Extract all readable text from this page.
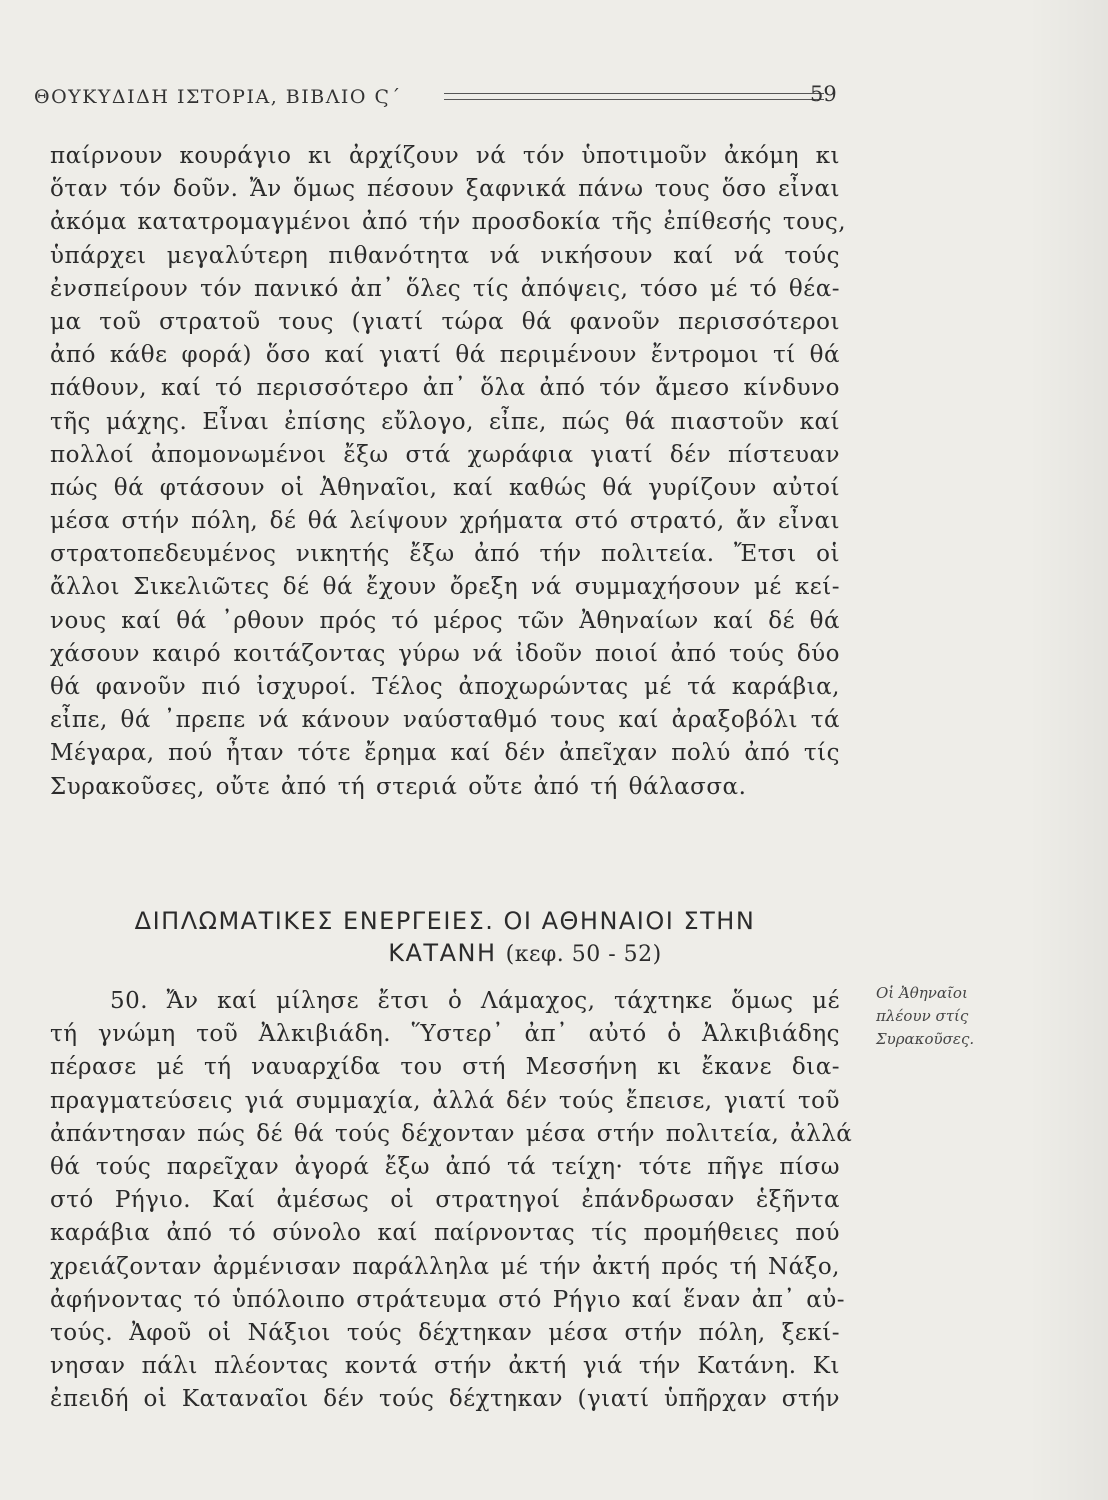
ΘΟΥΚΥΔΙΔΗ ΙΣΤΟΡΙΑ, ΒΙΒΛΙΟ Ϛ΄	59
παίρνουν κουράγιο κι ἀρχίζουν νά τόν ὑποτιμοῦν ἀκόμη κι
ὅταν τόν δοῦν. Ἄν ὅμως πέσουν ξαφνικά πάνω τους ὅσο εἶναι
ἀκόμα κατατρομαγμένοι ἀπό τήν προσδοκία τῆς ἐπίθεσής τους,
ὑπάρχει μεγαλύτερη πιθανότητα νά νικήσουν καί νά τούς
ἐνσπείρουν τόν πανικό ἀπ᾿ ὅλες τίς ἀπόψεις, τόσο μέ τό θέα-
μα τοῦ στρατοῦ τους (γιατί τώρα θά φανοῦν περισσότεροι
ἀπό κάθε φορά) ὅσο καί γιατί θά περιμένουν ἔντρομοι τί θά
πάθουν, καί τό περισσότερο ἀπ᾿ ὅλα ἀπό τόν ἄμεσο κίνδυνο
τῆς μάχης. Εἶναι ἐπίσης εὔλογο, εἶπε, πώς θά πιαστοῦν καί
πολλοί ἀπομονωμένοι ἔξω στά χωράφια γιατί δέν πίστευαν
πώς θά φτάσουν οἱ Ἀθηναῖοι, καί καθώς θά γυρίζουν αὐτοί
μέσα στήν πόλη, δέ θά λείψουν χρήματα στό στρατό, ἄν εἶναι
στρατοπεδευμένος νικητής ἔξω ἀπό τήν πολιτεία. Ἔτσι οἱ
ἄλλοι Σικελιῶτες δέ θά ἔχουν ὄρεξη νά συμμαχήσουν μέ κεί-
νους καί θά ᾿ρθουν πρός τό μέρος τῶν Ἀθηναίων καί δέ θά
χάσουν καιρό κοιτάζοντας γύρω νά ἰδοῦν ποιοί ἀπό τούς δύο
θά φανοῦν πιό ἰσχυροί. Τέλος ἀποχωρώντας μέ τά καράβια,
εἶπε, θά ᾿πρεπε νά κάνουν ναύσταθμό τους καί ἀραξοβόλι τά
Μέγαρα, πού ἦταν τότε ἔρημα καί δέν ἀπεῖχαν πολύ ἀπό τίς
Συρακοῦσες, οὔτε ἀπό τή στεριά οὔτε ἀπό τή θάλασσα.
ΔΙΠΛΩΜΑΤΙΚΕΣ ΕΝΕΡΓΕΙΕΣ. ΟΙ ΑΘΗΝΑΙΟΙ ΣΤΗΝ
ΚΑΤΑΝΗ (κεφ. 50 - 52)
50. Ἄν καί μίλησε ἔτσι ὁ Λάμαχος, τάχτηκε ὅμως μέ
τή γνώμη τοῦ Ἀλκιβιάδη. Ὕστερ᾿ ἀπ᾿ αὐτό ὁ Ἀλκιβιάδης
πέρασε μέ τή ναυαρχίδα του στή Μεσσήνη κι ἔκανε δια-
πραγματεύσεις γιά συμμαχία, ἀλλά δέν τούς ἔπεισε, γιατί τοῦ
ἀπάντησαν πώς δέ θά τούς δέχονταν μέσα στήν πολιτεία, ἀλλά
θά τούς παρεῖχαν ἀγορά ἔξω ἀπό τά τείχη· τότε πῆγε πίσω
στό Ρήγιο. Καί ἀμέσως οἱ στρατηγοί ἐπάνδρωσαν ἑξῆντα
καράβια ἀπό τό σύνολο καί παίρνοντας τίς προμήθειες πού
χρειάζονταν ἀρμένισαν παράλληλα μέ τήν ἀκτή πρός τή Νάξο,
ἀφήνοντας τό ὑπόλοιπο στράτευμα στό Ρήγιο καί ἕναν ἀπ᾿ αὐ-
τούς. Ἀφοῦ οἱ Νάξιοι τούς δέχτηκαν μέσα στήν πόλη, ξεκί-
νησαν πάλι πλέοντας κοντά στήν ἀκτή γιά τήν Κατάνη. Κι
ἐπειδή οἱ Καταναῖοι δέν τούς δέχτηκαν (γιατί ὑπῆρχαν στήν
Οἱ Ἀθηναῖοι
πλέουν στίς
Συρακοῦσες.
